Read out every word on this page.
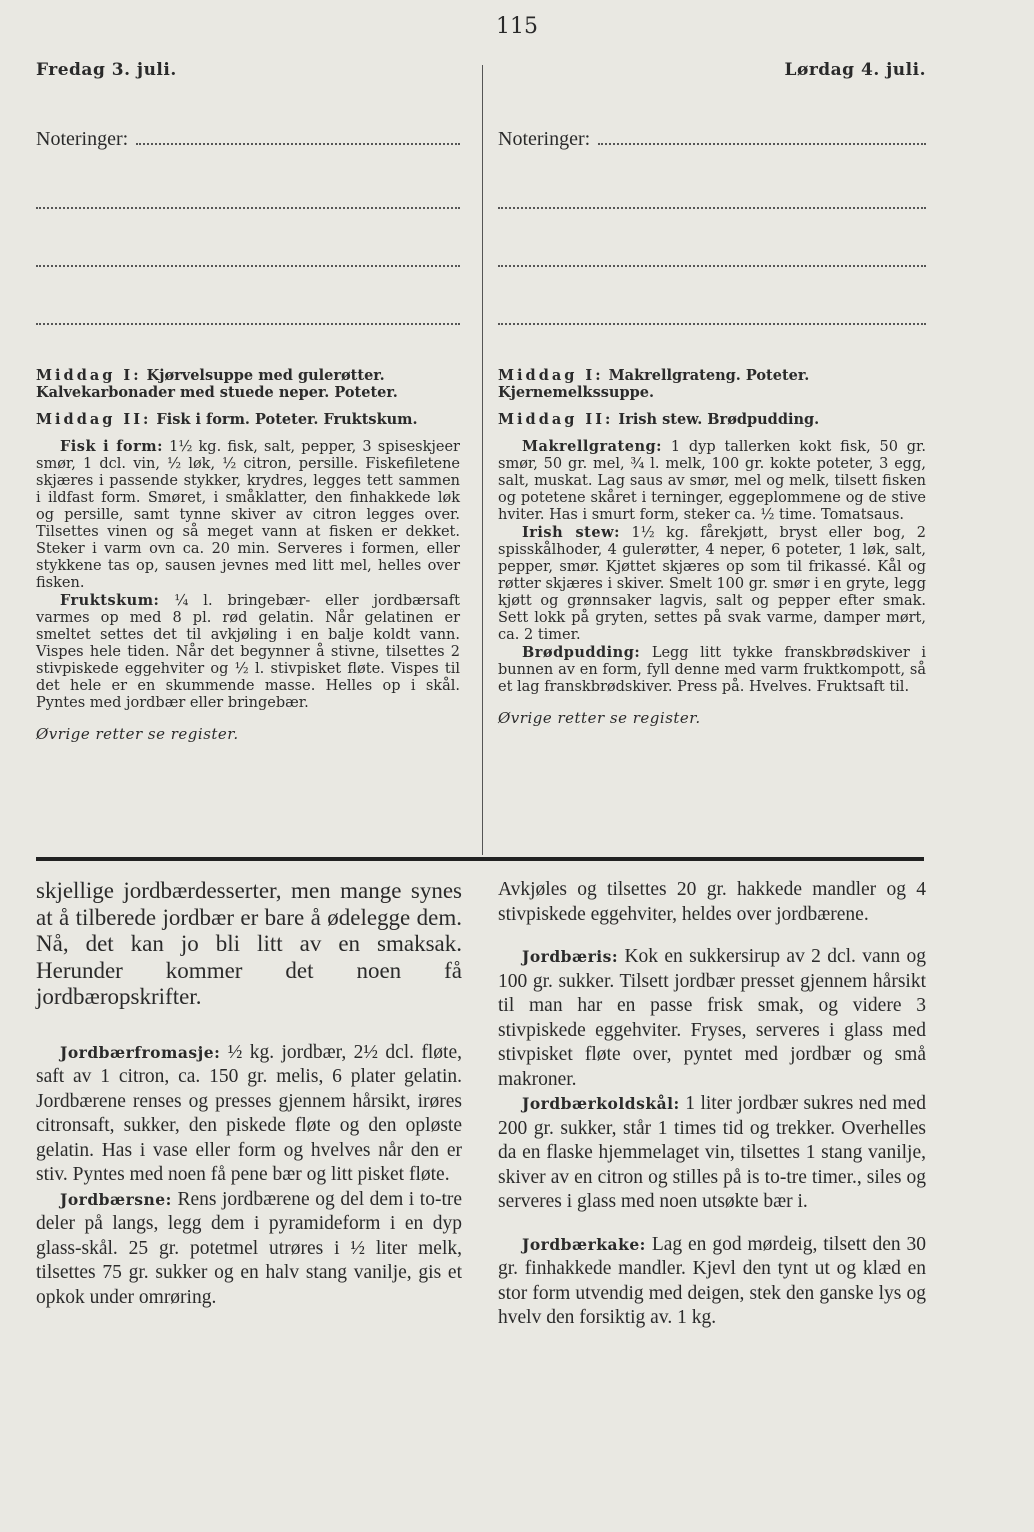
115
Fredag 3. juli.	Lørdag 4. juli.
Noteringer:
Middag I: Kjørvelsuppe med gulerøtter. Kalvekarbonader med stuede neper. Poteter.
Middag II: Fisk i form. Poteter. Fruktskum.

Fisk i form: 1½ kg. fisk, salt, pepper, 3 spiseskjeer smør, 1 dcl. vin, ½ løk, ½ citron, persille. Fiskefiletene skjæres i passende stykker, krydres, legges tett sammen i ildfast form. Smøret, i småklatter, den finhakkede løk og persille, samt tynne skiver av citron legges over. Tilsettes vinen og så meget vann at fisken er dekket. Steker i varm ovn ca. 20 min. Serveres i formen, eller stykkene tas op, sausen jevnes med litt mel, helles over fisken.

Fruktskum: ¼ l. bringebær- eller jordbærsaft varmes op med 8 pl. rød gelatin. Når gelatinen er smeltet settes det til avkjøling i en balje koldt vann. Vispes hele tiden. Når det begynner å stivne, tilsettes 2 stivpiskede eggehviter og ½ l. stivpisket fløte. Vispes til det hele er en skummende masse. Helles op i skål. Pyntes med jordbær eller bringebær.

Øvrige retter se register.
Noteringer:
Middag I: Makrellgrateng. Poteter. Kjernemelkssuppe.
Middag II: Irish stew. Brødpudding.

Makrellgrateng: 1 dyp tallerken kokt fisk, 50 gr. smør, 50 gr. mel, ¾ l. melk, 100 gr. kokte poteter, 3 egg, salt, muskat. Lag saus av smør, mel og melk, tilsett fisken og potetene skåret i terninger, eggeplommene og de stive hviter. Has i smurt form, steker ca. ½ time. Tomatsaus.

Irish stew: 1½ kg. fårekjøtt, bryst eller bog, 2 spisskålhoder, 4 gulerøtter, 4 neper, 6 poteter, 1 løk, salt, pepper, smør. Kjøttet skjæres op som til frikassé. Kål og røtter skjæres i skiver. Smelt 100 gr. smør i en gryte, legg kjøtt og grønnsaker lagvis, salt og pepper efter smak. Sett lokk på gryten, settes på svak varme, damper mørt, ca. 2 timer.

Brødpudding: Legg litt tykke franskbrødskiver i bunnen av en form, fyll denne med varm fruktkompott, så et lag franskbrødskiver. Press på. Hvelves. Fruktsaft til.

Øvrige retter se register.

skjellige jordbærdesserter, men mange synes at å tilberede jordbær er bare å ødelegge dem. Nå, det kan jo bli litt av en smaksak. Herunder kommer det noen få jordbæropskrifter.

Jordbærfromasje: ½ kg. jordbær, 2½ dcl. fløte, saft av 1 citron, ca. 150 gr. melis, 6 plater gelatin. Jordbærene renses og presses gjennem hårsikt, irøres citronsaft, sukker, den piskede fløte og den opløste gelatin. Has i vase eller form og hvelves når den er stiv. Pyntes med noen få pene bær og litt pisket fløte.

Jordbærsne: Rens jordbærene og del dem i to-tre deler på langs, legg dem i pyramideform i en dyp glass-skål. 25 gr. potetmel utrøres i ½ liter melk, tilsettes 75 gr. sukker og en halv stang vanilje, gis et opkok under omrøring.

Avkjøles og tilsettes 20 gr. hakkede mandler og 4 stivpiskede eggehviter, heldes over jordbærene.

Jordbæris: Kok en sukkersirup av 2 dcl. vann og 100 gr. sukker. Tilsett jordbær presset gjennem hårsikt til man har en passe frisk smak, og videre 3 stivpiskede eggehviter. Fryses, serveres i glass med stivpisket fløte over, pyntet med jordbær og små makroner.

Jordbærkoldskål: 1 liter jordbær sukres ned med 200 gr. sukker, står 1 times tid og trekker. Overhelles da en flaske hjemmelaget vin, tilsettes 1 stang vanilje, skiver av en citron og stilles på is to-tre timer., siles og serveres i glass med noen utsøkte bær i.

Jordbærkake: Lag en god mørdeig, tilsett den 30 gr. finhakkede mandler. Kjevl den tynt ut og klæd en stor form utvendig med deigen, stek den ganske lys og hvelv den forsiktig av. 1 kg.
